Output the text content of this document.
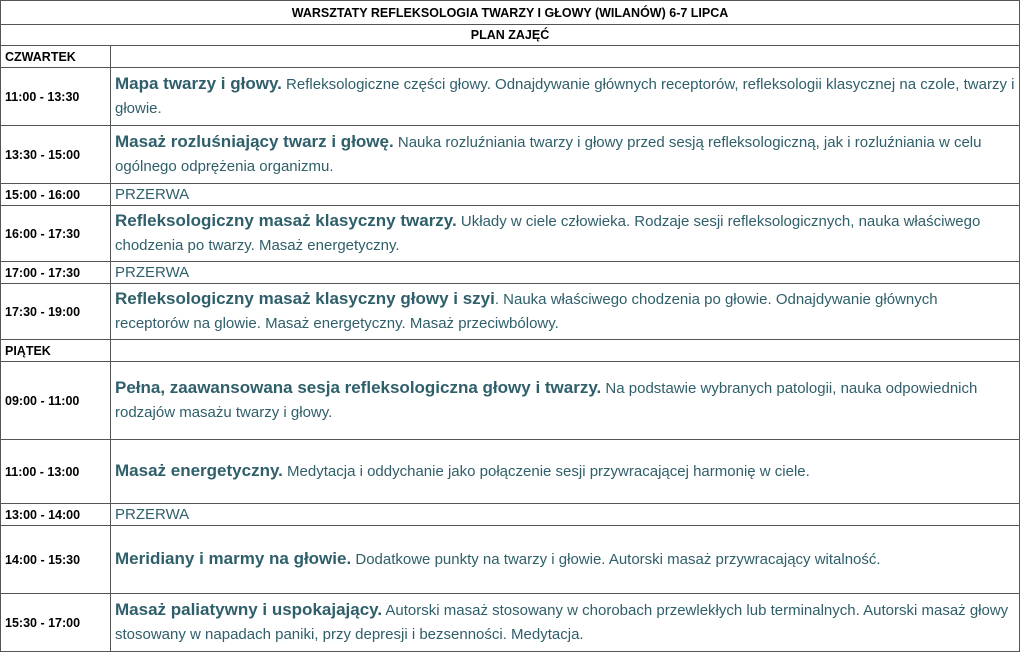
WARSZTATY REFLEKSOLOGIA TWARZY I GŁOWY (WILANÓW) 6-7 LIPCA	
PLAN ZAJĘĆ	
CZWARTEK	
11:00 - 13:30	Mapa twarzy i głowy. Refleksologiczne części głowy. Odnajdywanie głównych receptorów, refleksologii klasycznej na czole, twarzy i głowie.
13:30 - 15:00	Masaż rozluśniający twarz i głowę. Nauka rozluźniania twarzy i głowy przed sesją refleksologiczną, jak i rozluźniania w celu ogólnego odprężenia organizmu.
15:00 - 16:00	PRZERWA
16:00 - 17:30	Refleksologiczny masaż klasyczny twarzy. Układy w ciele człowieka. Rodzaje sesji refleksologicznych, nauka właściwego chodzenia po twarzy. Masaż energetyczny.
17:00 - 17:30	PRZERWA
17:30 - 19:00	Refleksologiczny masaż klasyczny głowy i szyi. Nauka właściwego chodzenia po głowie. Odnajdywanie głównych receptorów na glowie. Masaż energetyczny. Masaż przeciwbólowy.
PIĄTEK	
09:00 - 11:00	Pełna, zaawansowana sesja refleksologiczna głowy i twarzy. Na podstawie wybranych patologii, nauka odpowiednich rodzajów masażu twarzy i głowy.
11:00 - 13:00	Masaż energetyczny. Medytacja i oddychanie jako połączenie sesji przywracającej harmonię w ciele.
13:00 - 14:00	PRZERWA
14:00 - 15:30	Meridiany i marmy na głowie. Dodatkowe punkty na twarzy i głowie. Autorski masaż przywracający witalność.
15:30 - 17:00	Masaż paliatywny i uspokajający. Autorski masaż stosowany w chorobach przewlekłych lub terminalnych. Autorski masaż głowy stosowany w napadach paniki, przy depresji i bezsenności. Medytacja.
